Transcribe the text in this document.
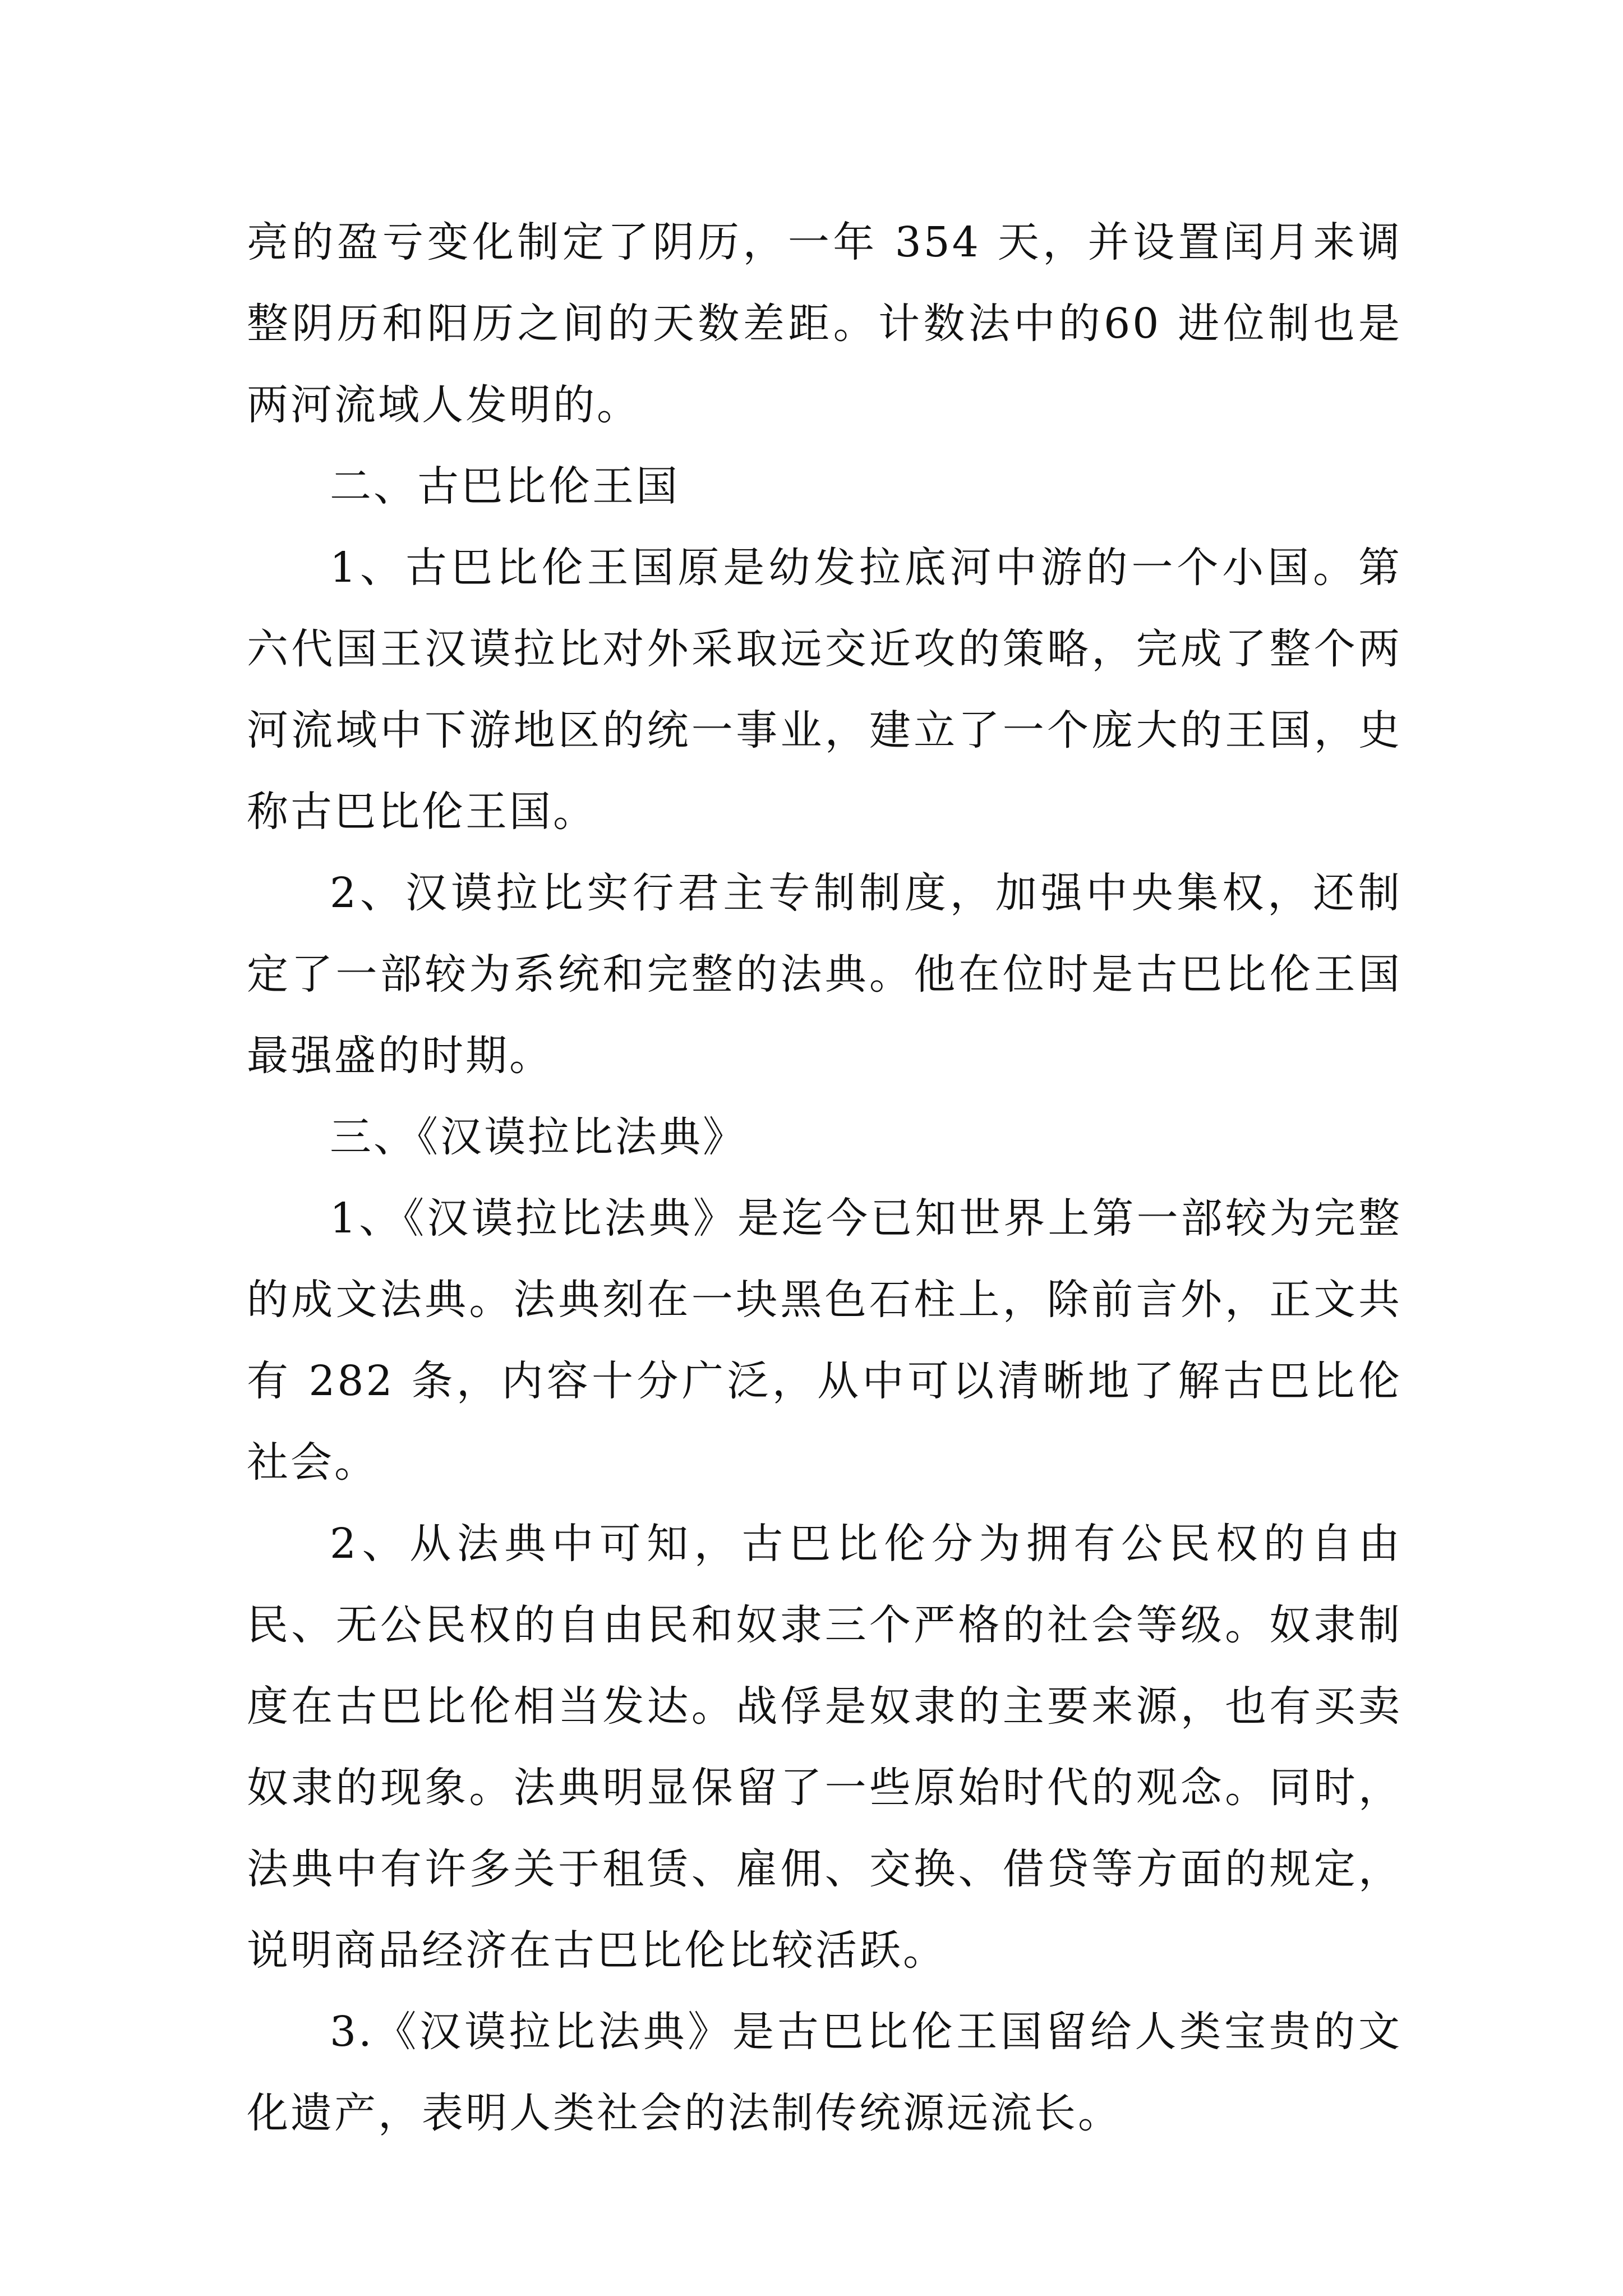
亮的盈亏变化制定了阴历，一年 354 天，并设置闰月来调整阴历和阳历之间的天数差距。计数法中的60 进位制也是两河流域人发明的。

二、古巴比伦王国

1、古巴比伦王国原是幼发拉底河中游的一个小国。第六代国王汉谟拉比对外采取远交近攻的策略，完成了整个两河流域中下游地区的统一事业，建立了一个庞大的王国，史称古巴比伦王国。

2、汉谟拉比实行君主专制制度，加强中央集权，还制定了一部较为系统和完整的法典。他在位时是古巴比伦王国最强盛的时期。

三、《汉谟拉比法典》

1、《汉谟拉比法典》是迄今已知世界上第一部较为完整的成文法典。法典刻在一块黑色石柱上，除前言外，正文共有 282 条，内容十分广泛，从中可以清晰地了解古巴比伦社会。

2、从法典中可知，古巴比伦分为拥有公民权的自由民、无公民权的自由民和奴隶三个严格的社会等级。奴隶制度在古巴比伦相当发达。战俘是奴隶的主要来源，也有买卖奴隶的现象。法典明显保留了一些原始时代的观念。同时，法典中有许多关于租赁、雇佣、交换、借贷等方面的规定，说明商品经济在古巴比伦比较活跃。

3.《汉谟拉比法典》是古巴比伦王国留给人类宝贵的文化遗产，表明人类社会的法制传统源远流长。
